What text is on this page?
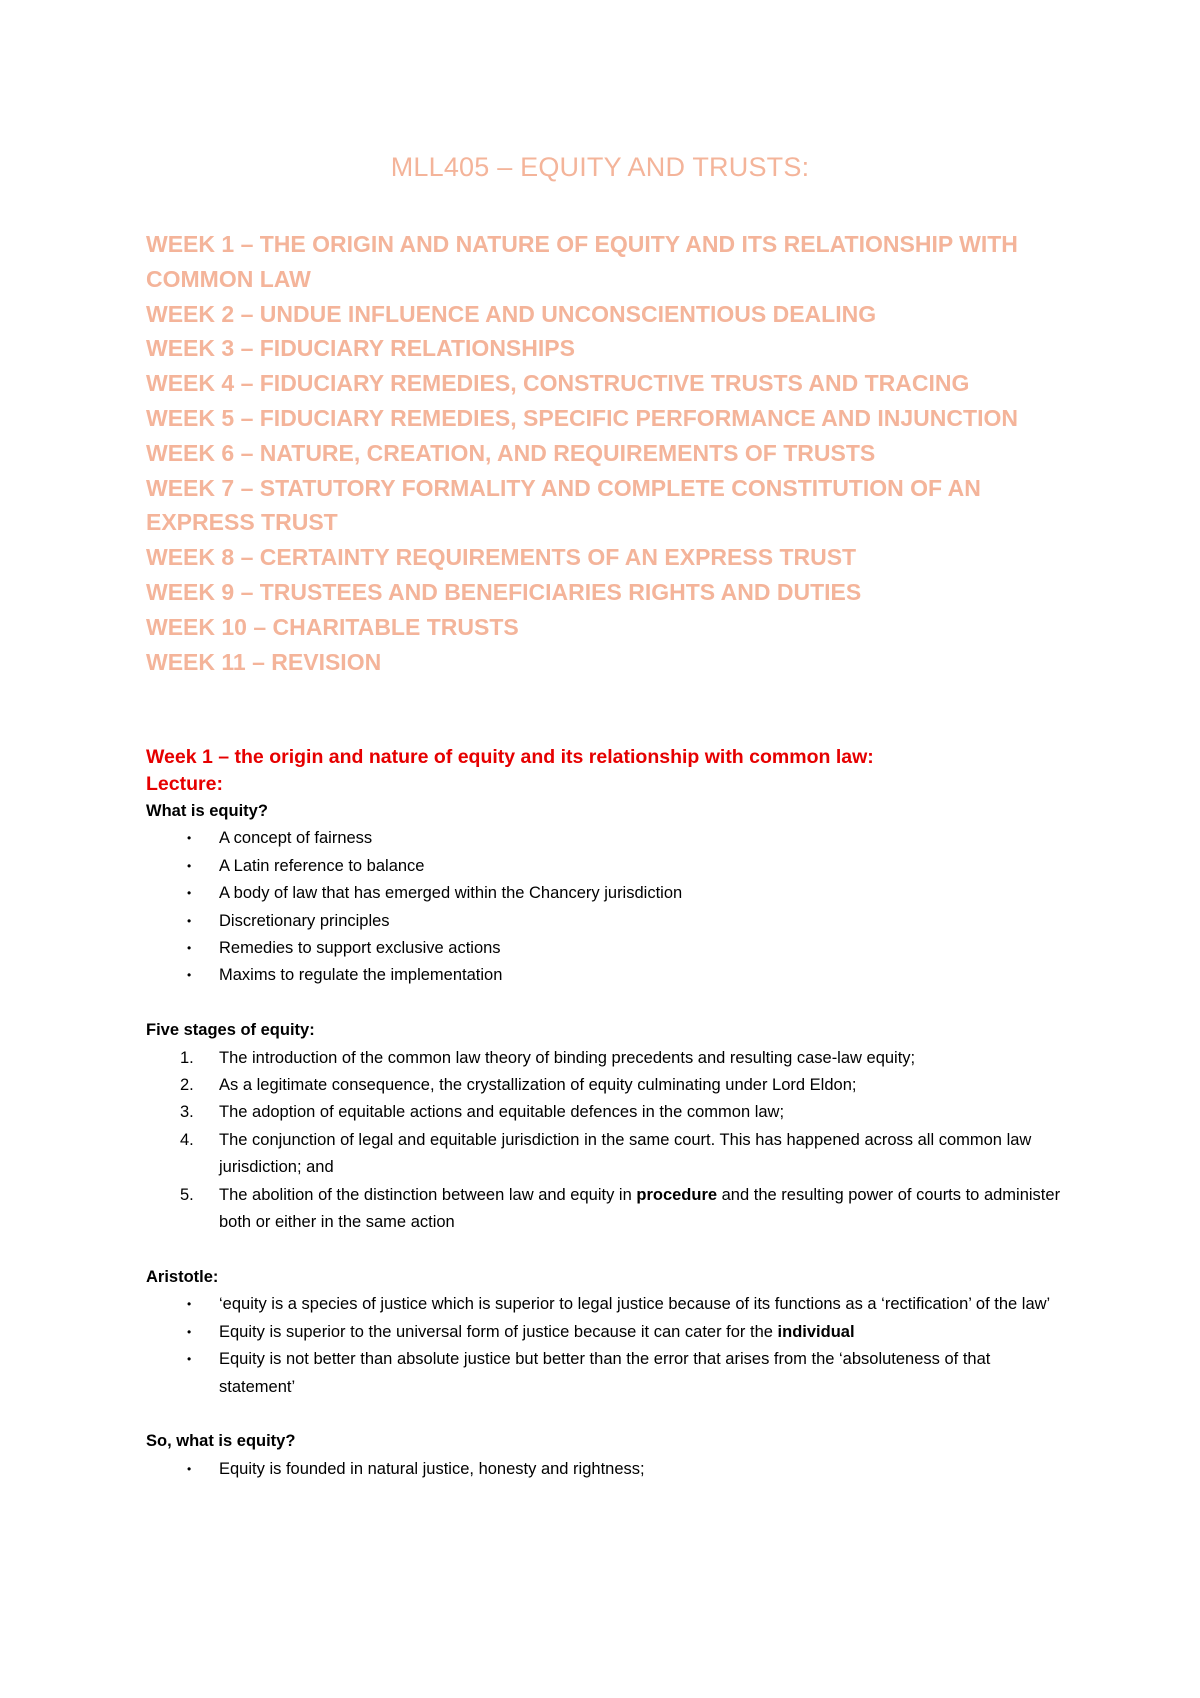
MLL405 – EQUITY AND TRUSTS:
WEEK 1 – THE ORIGIN AND NATURE OF EQUITY AND ITS RELATIONSHIP WITH COMMON LAW
WEEK 2 – UNDUE INFLUENCE AND UNCONSCIENTIOUS DEALING
WEEK 3 – FIDUCIARY RELATIONSHIPS
WEEK 4 – FIDUCIARY REMEDIES, CONSTRUCTIVE TRUSTS AND TRACING
WEEK 5 – FIDUCIARY REMEDIES, SPECIFIC PERFORMANCE AND INJUNCTION
WEEK 6 – NATURE, CREATION, AND REQUIREMENTS OF TRUSTS
WEEK 7 – STATUTORY FORMALITY AND COMPLETE CONSTITUTION OF AN EXPRESS TRUST
WEEK 8 – CERTAINTY REQUIREMENTS OF AN EXPRESS TRUST
WEEK 9 – TRUSTEES AND BENEFICIARIES RIGHTS AND DUTIES
WEEK 10 – CHARITABLE TRUSTS
WEEK 11 – REVISION
Week 1 – the origin and nature of equity and its relationship with common law:
Lecture:
What is equity?
• A concept of fairness
• A Latin reference to balance
• A body of law that has emerged within the Chancery jurisdiction
• Discretionary principles
• Remedies to support exclusive actions
• Maxims to regulate the implementation
Five stages of equity:
1. The introduction of the common law theory of binding precedents and resulting case-law equity;
2. As a legitimate consequence, the crystallization of equity culminating under Lord Eldon;
3. The adoption of equitable actions and equitable defences in the common law;
4. The conjunction of legal and equitable jurisdiction in the same court. This has happened across all common law jurisdiction; and
5. The abolition of the distinction between law and equity in procedure and the resulting power of courts to administer both or either in the same action
Aristotle:
• ‘equity is a species of justice which is superior to legal justice because of its functions as a ‘rectification’ of the law’
• Equity is superior to the universal form of justice because it can cater for the individual
• Equity is not better than absolute justice but better than the error that arises from the ‘absoluteness of that statement’
So, what is equity?
• Equity is founded in natural justice, honesty and rightness;
